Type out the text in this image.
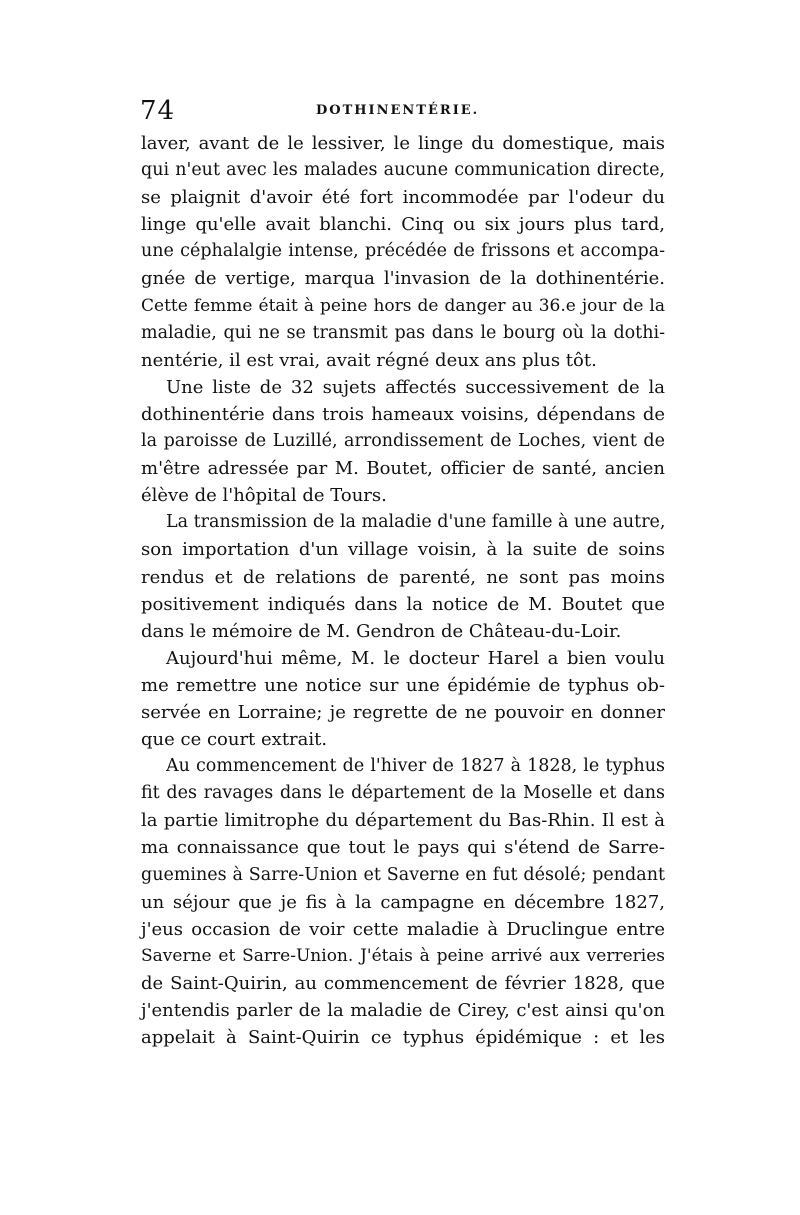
74	DOTHINENTÉRIE.
laver, avant de le lessiver, le linge du domestique, mais
qui n'eut avec les malades aucune communication directe,
se plaignit d'avoir été fort incommodée par l'odeur du
linge qu'elle avait blanchi. Cinq ou six jours plus tard,
une céphalalgie intense, précédée de frissons et accompa-
gnée de vertige, marqua l'invasion de la dothinentérie.
Cette femme était à peine hors de danger au 36.e jour de la
maladie, qui ne se transmit pas dans le bourg où la dothi-
nentérie, il est vrai, avait régné deux ans plus tôt.
Une liste de 32 sujets affectés successivement de la
dothinentérie dans trois hameaux voisins, dépendans de
la paroisse de Luzillé, arrondissement de Loches, vient de
m'être adressée par M. Boutet, officier de santé, ancien
élève de l'hôpital de Tours.
La transmission de la maladie d'une famille à une autre,
son importation d'un village voisin, à la suite de soins
rendus et de relations de parenté, ne sont pas moins
positivement indiqués dans la notice de M. Boutet que
dans le mémoire de M. Gendron de Château-du-Loir.
Aujourd'hui même, M. le docteur Harel a bien voulu
me remettre une notice sur une épidémie de typhus ob-
servée en Lorraine; je regrette de ne pouvoir en donner
que ce court extrait.
Au commencement de l'hiver de 1827 à 1828, le typhus
fit des ravages dans le département de la Moselle et dans
la partie limitrophe du département du Bas-Rhin. Il est à
ma connaissance que tout le pays qui s'étend de Sarre-
guemines à Sarre-Union et Saverne en fut désolé; pendant
un séjour que je fis à la campagne en décembre 1827,
j'eus occasion de voir cette maladie à Druclingue entre
Saverne et Sarre-Union. J'étais à peine arrivé aux verreries
de Saint-Quirin, au commencement de février 1828, que
j'entendis parler de la maladie de Cirey, c'est ainsi qu'on
appelait à Saint-Quirin ce typhus épidémique : et les
